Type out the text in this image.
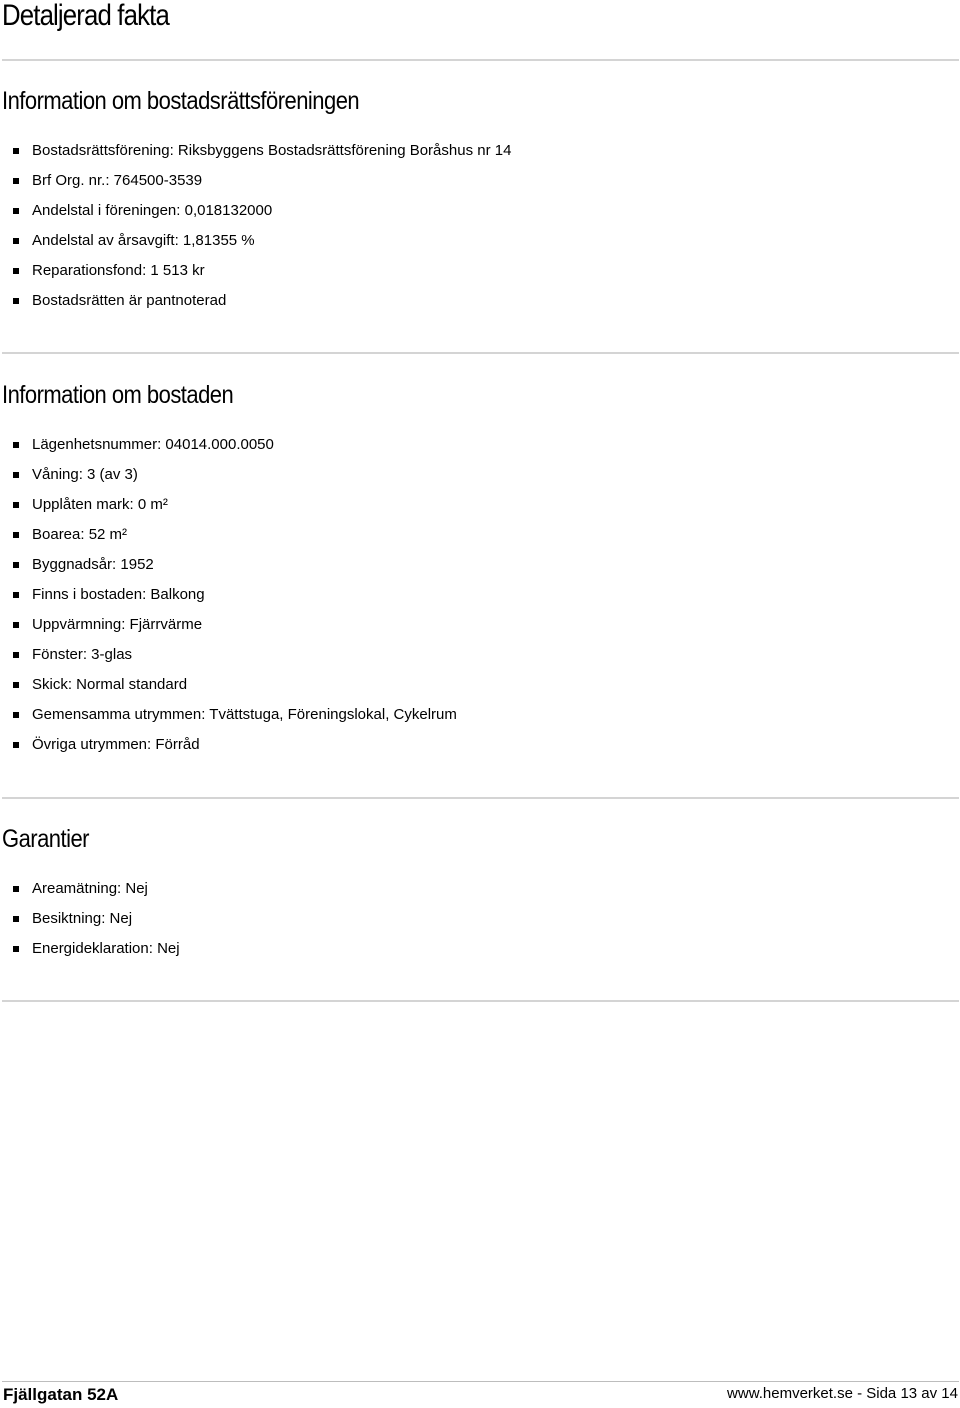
Detaljerad fakta
Information om bostadsrättsföreningen
Bostadsrättsförening: Riksbyggens Bostadsrättsförening Boråshus nr 14
Brf Org. nr.: 764500-3539
Andelstal i föreningen: 0,018132000
Andelstal av årsavgift: 1,81355 %
Reparationsfond: 1 513 kr
Bostadsrätten är pantnoterad
Information om bostaden
Lägenhetsnummer: 04014.000.0050
Våning: 3 (av 3)
Upplåten mark: 0 m²
Boarea: 52 m²
Byggnadsår: 1952
Finns i bostaden: Balkong
Uppvärmning: Fjärrvärme
Fönster: 3-glas
Skick: Normal standard
Gemensamma utrymmen: Tvättstuga, Föreningslokal, Cykelrum
Övriga utrymmen: Förråd
Garantier
Areamätning: Nej
Besiktning: Nej
Energideklaration: Nej
Fjällgatan 52A	www.hemverket.se - Sida 13 av 14
